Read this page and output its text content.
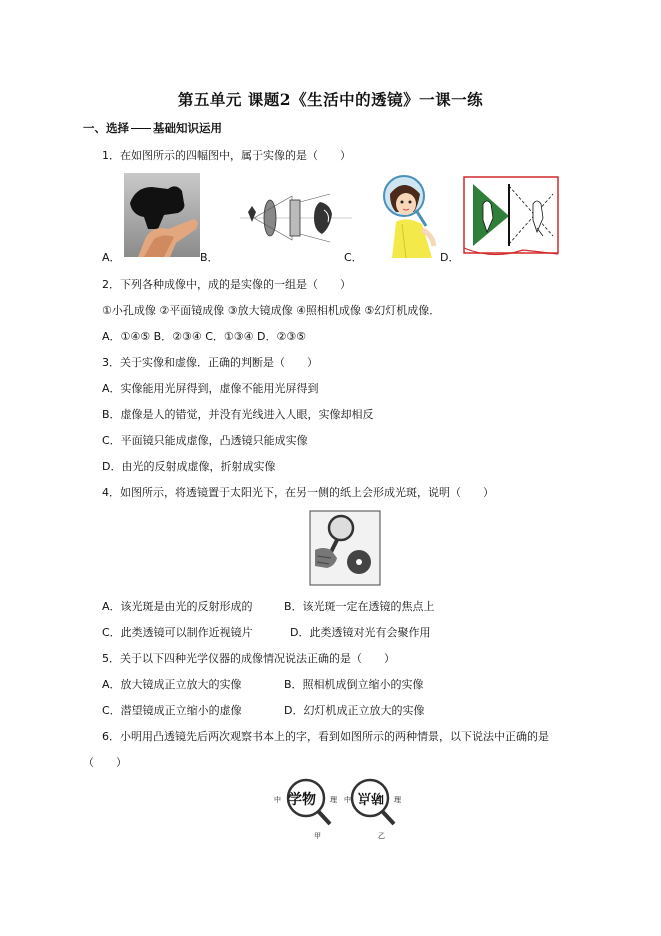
第五单元 课题2《生活中的透镜》一课一练
一、选择 基础知识运用
1．在如图所示的四幅图中，属于实像的是（　　）
A．	B．	C．	D．
2．下列各种成像中，成的是实像的一组是（　　）
①小孔成像 ②平面镜成像 ③放大镜成像 ④照相机成像 ⑤幻灯机成像．
A．①④⑤ B．②③④ C．①③④ D．②③⑤
3．关于实像和虚像．正确的判断是（　　）
A．实像能用光屏得到，虚像不能用光屏得到
B．虚像是人的错觉，并没有光线进入人眼，实像却相反
C．平面镜只能成虚像，凸透镜只能成实像
D．由光的反射成虚像，折射成实像
4．如图所示，将透镜置于太阳光下，在另一侧的纸上会形成光斑，说明（　　）
A．该光斑是由光的反射形成的	B．该光斑一定在透镜的焦点上
C．此类透镜可以制作近视镜片	D．此类透镜对光有会聚作用
5．关于以下四种光学仪器的成像情况说法正确的是（　　）
A．放大镜成正立放大的实像	B．照相机成倒立缩小的实像
C．潜望镜成正立缩小的虚像	D．幻灯机成正立放大的实像
6．小明用凸透镜先后两次观察书本上的字，看到如图所示的两种情景，以下说法中正确的是
（　　）
中 学物 理 中 哧点 理
甲	乙
